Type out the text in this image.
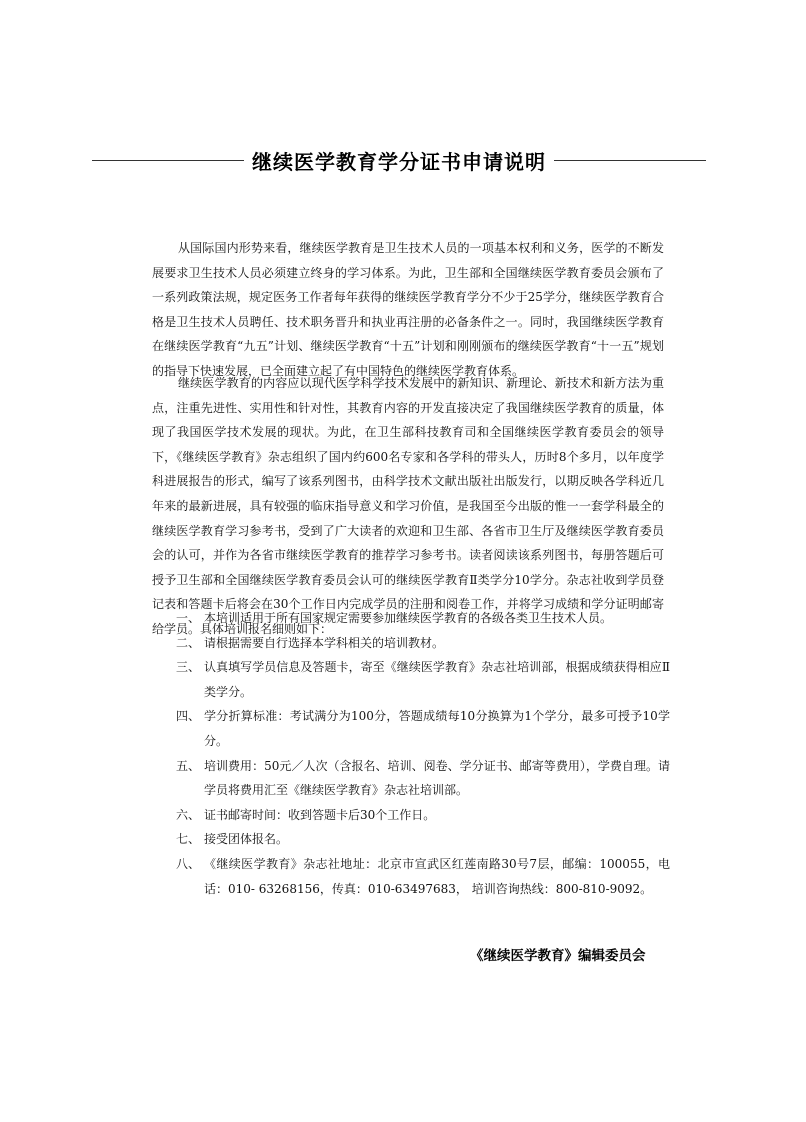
继续医学教育学分证书申请说明

从国际国内形势来看，继续医学教育是卫生技术人员的一项基本权利和义务，医学的不断发展要求卫生技术人员必须建立终身的学习体系。为此，卫生部和全国继续医学教育委员会颁布了一系列政策法规，规定医务工作者每年获得的继续医学教育学分不少于25学分，继续医学教育合格是卫生技术人员聘任、技术职务晋升和执业再注册的必备条件之一。同时，我国继续医学教育在继续医学教育“九五”计划、继续医学教育“十五”计划和刚刚颁布的继续医学教育“十一五”规划的指导下快速发展，已全面建立起了有中国特色的继续医学教育体系。

继续医学教育的内容应以现代医学科学技术发展中的新知识、新理论、新技术和新方法为重点，注重先进性、实用性和针对性，其教育内容的开发直接决定了我国继续医学教育的质量，体现了我国医学技术发展的现状。为此，在卫生部科技教育司和全国继续医学教育委员会的领导下，《继续医学教育》杂志组织了国内约600名专家和各学科的带头人，历时8个多月，以年度学科进展报告的形式，编写了该系列图书，由科学技术文献出版社出版发行，以期反映各学科近几年来的最新进展，具有较强的临床指导意义和学习价值，是我国至今出版的惟一一套学科最全的继续医学教育学习参考书，受到了广大读者的欢迎和卫生部、各省市卫生厅及继续医学教育委员会的认可，并作为各省市继续医学教育的推荐学习参考书。读者阅读该系列图书，每册答题后可授予卫生部和全国继续医学教育委员会认可的继续医学教育Ⅱ类学分10学分。杂志社收到学员登记表和答题卡后将会在30个工作日内完成学员的注册和阅卷工作，并将学习成绩和学分证明邮寄给学员。具体培训报名细则如下：

一、 本培训适用于所有国家规定需要参加继续医学教育的各级各类卫生技术人员。
二、 请根据需要自行选择本学科相关的培训教材。
三、 认真填写学员信息及答题卡，寄至《继续医学教育》杂志社培训部，根据成绩获得相应Ⅱ类学分。
四、 学分折算标准：考试满分为100分，答题成绩每10分换算为1个学分，最多可授予10学分。
五、 培训费用：50元／人次（含报名、培训、阅卷、学分证书、邮寄等费用），学费自理。请学员将费用汇至《继续医学教育》杂志社培训部。
六、 证书邮寄时间：收到答题卡后30个工作日。
七、 接受团体报名。
八、 《继续医学教育》杂志社地址：北京市宣武区红莲南路30号7层，邮编：100055，电话：010- 63268156，传真：010-63497683， 培训咨询热线：800-810-9092。
《继续医学教育》编辑委员会
